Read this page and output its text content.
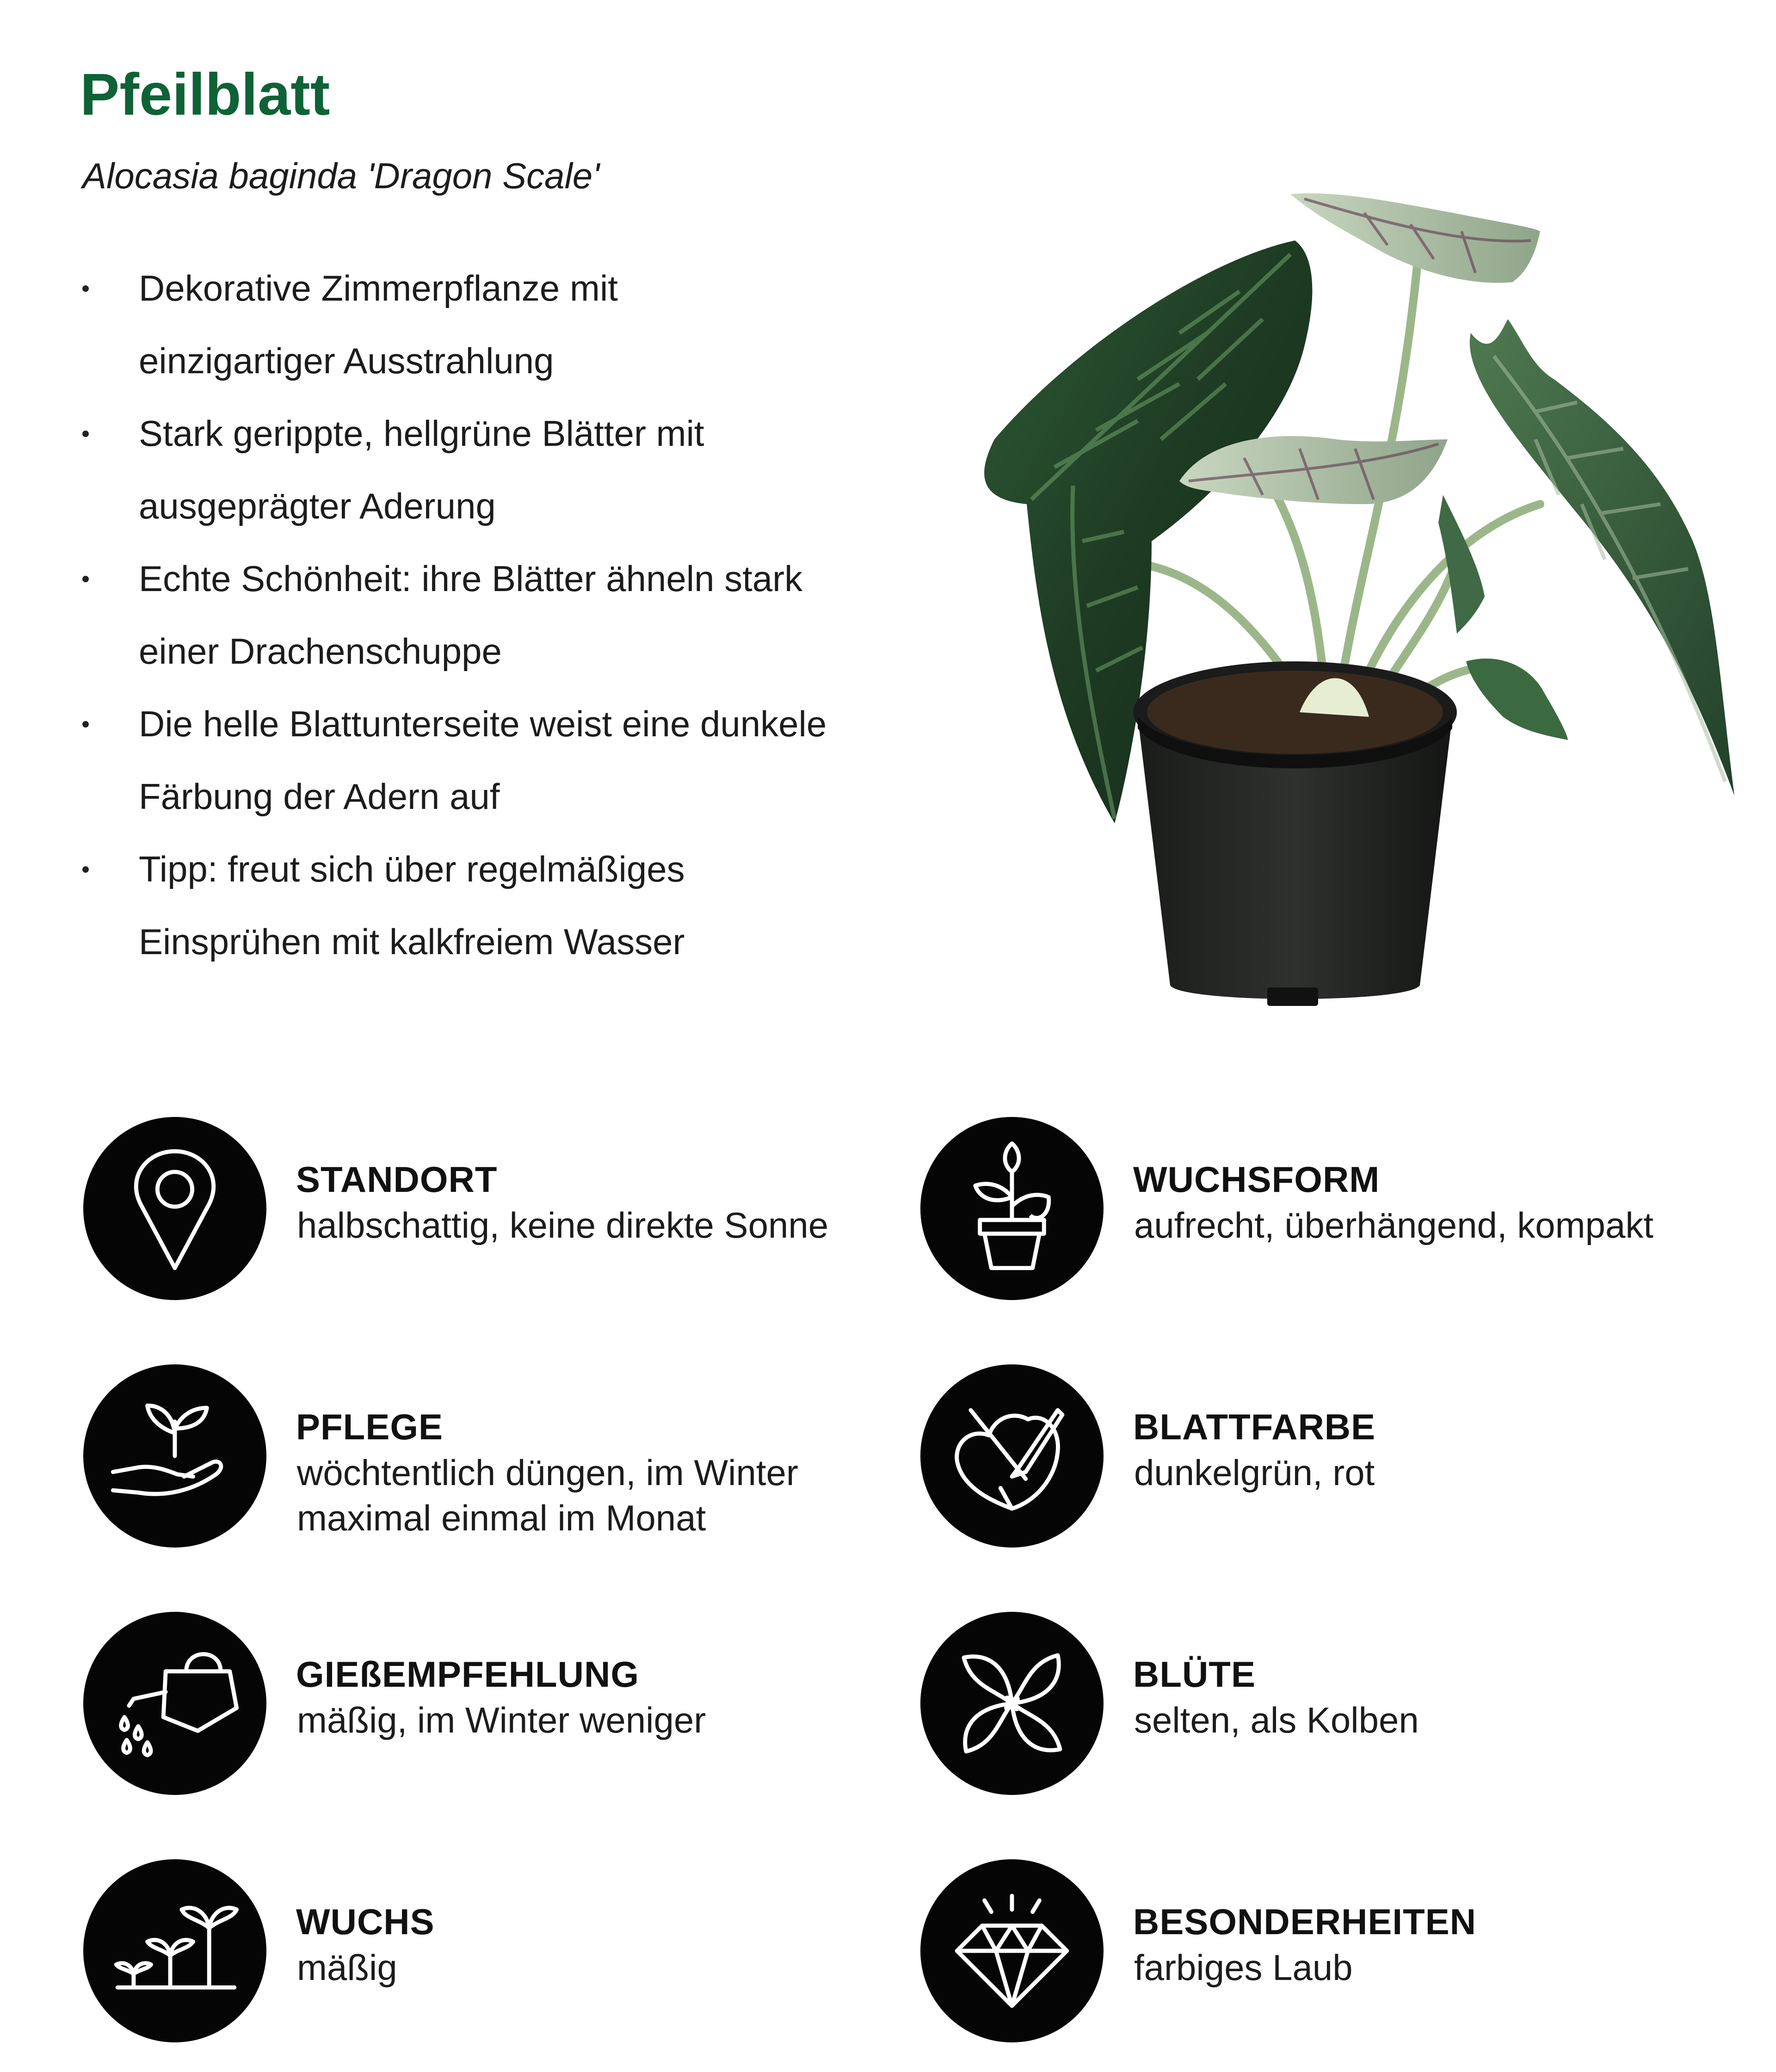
Pfeilblatt

Alocasia baginda 'Dragon Scale'

Dekorative Zimmerpflanze mit
einzigartiger Ausstrahlung
Stark gerippte, hellgrüne Blätter mit
ausgeprägter Aderung
Echte Schönheit: ihre Blätter ähneln stark
einer Drachenschuppe
Die helle Blattunterseite weist eine dunkele
Färbung der Adern auf
Tipp: freut sich über regelmäßiges
Einsprühen mit kalkfreiem Wasser
STANDORT
halbschattig, keine direkte Sonne
WUCHSFORM
aufrecht, überhängend, kompakt
PFLEGE
wöchtentlich düngen, im Winter
maximal einmal im Monat
BLATTFARBE
dunkelgrün, rot
GIEßEMPFEHLUNG
mäßig, im Winter weniger
BLÜTE
selten, als Kolben
WUCHS
mäßig
BESONDERHEITEN
farbiges Laub
